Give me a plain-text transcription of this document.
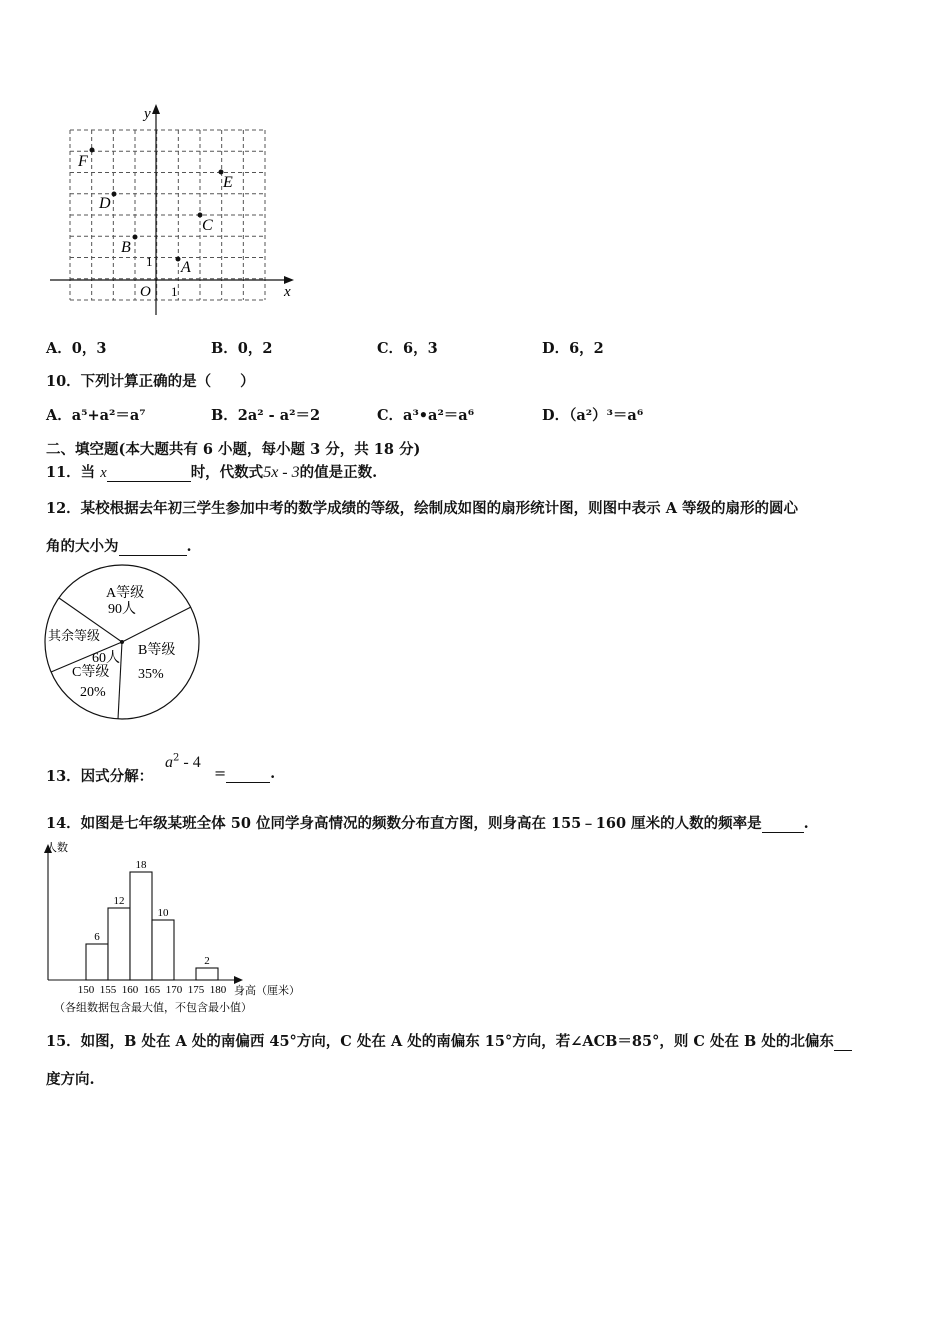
y
x
O 1
1
F
E
D
C
B
A
A．0，3	B．0，2	C．6，3	D．6，2
10．下列计算正确的是（　　）
A．a⁵+a²＝a⁷	B．2a² - a²＝2	C．a³•a²＝a⁶	D．（a²）³＝a⁶
二、填空题(本大题共有 6 小题，每小题 3 分，共 18 分)
11．当 x	时，代数式5x - 3的值是正数.
12．某校根据去年初三学生参加中考的数学成绩的等级，绘制成如图的扇形统计图，则图中表示 A 等级的扇形的圆心
角的大小为	.
A等级
90人
B等级
35%
C等级
20%
其余等级
60人
13．因式分解：
$a^2 - 4$
=	.
14．如图是七年级某班全体 50 位同学身高情况的频数分布直方图，则身高在 155﹣160 厘米的人数的频率是	.
人数
身高（厘米）
（各组数据包含最大值，不包含最小值）
6
12
18
10
2
150 155 160 165 170 175 180
15．如图，B 处在 A 处的南偏西 45°方向，C 处在 A 处的南偏东 15°方向，若∠ACB＝85°，则 C 处在 B 处的北偏东
度方向.
